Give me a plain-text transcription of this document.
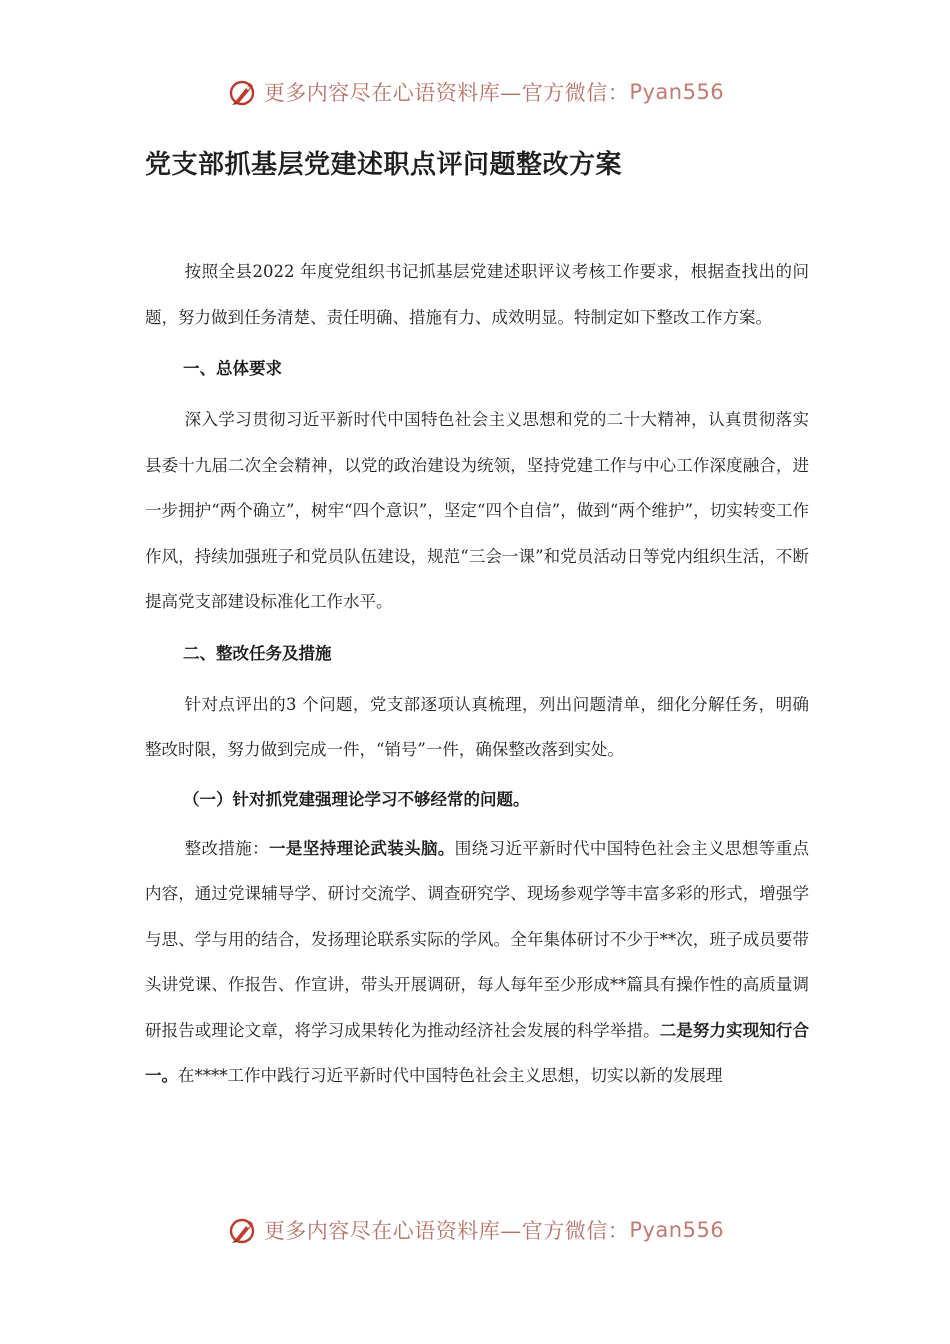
更多内容尽在心语资料库—官方微信： Pyan556
党支部抓基层党建述职点评问题整改方案

按照全县2022 年度党组织书记抓基层党建述职评议考核工作要求，根据查找出的问题，努力做到任务清楚、责任明确、措施有力、成效明显。特制定如下整改工作方案。

一、总体要求

深入学习贯彻习近平新时代中国特色社会主义思想和党的二十大精神，认真贯彻落实县委十九届二次全会精神，以党的政治建设为统领，坚持党建工作与中心工作深度融合，进一步拥护“两个确立”，树牢“四个意识”，坚定“四个自信”，做到“两个维护”，切实转变工作作风，持续加强班子和党员队伍建设，规范“三会一课”和党员活动日等党内组织生活，不断提高党支部建设标准化工作水平。

二、整改任务及措施

针对点评出的3 个问题，党支部逐项认真梳理，列出问题清单，细化分解任务，明确整改时限，努力做到完成一件，“销号”一件，确保整改落到实处。

（一）针对抓党建强理论学习不够经常的问题。

整改措施：一是坚持理论武装头脑。围绕习近平新时代中国特色社会主义思想等重点内容，通过党课辅导学、研讨交流学、调查研究学、现场参观学等丰富多彩的形式，增强学与思、学与用的结合，发扬理论联系实际的学风。全年集体研讨不少于**次，班子成员要带头讲党课、作报告、作宣讲，带头开展调研，每人每年至少形成**篇具有操作性的高质量调研报告或理论文章，将学习成果转化为推动经济社会发展的科学举措。二是努力实现知行合一。在****工作中践行习近平新时代中国特色社会主义思想，切实以新的发展理

更多内容尽在心语资料库—官方微信： Pyan556
